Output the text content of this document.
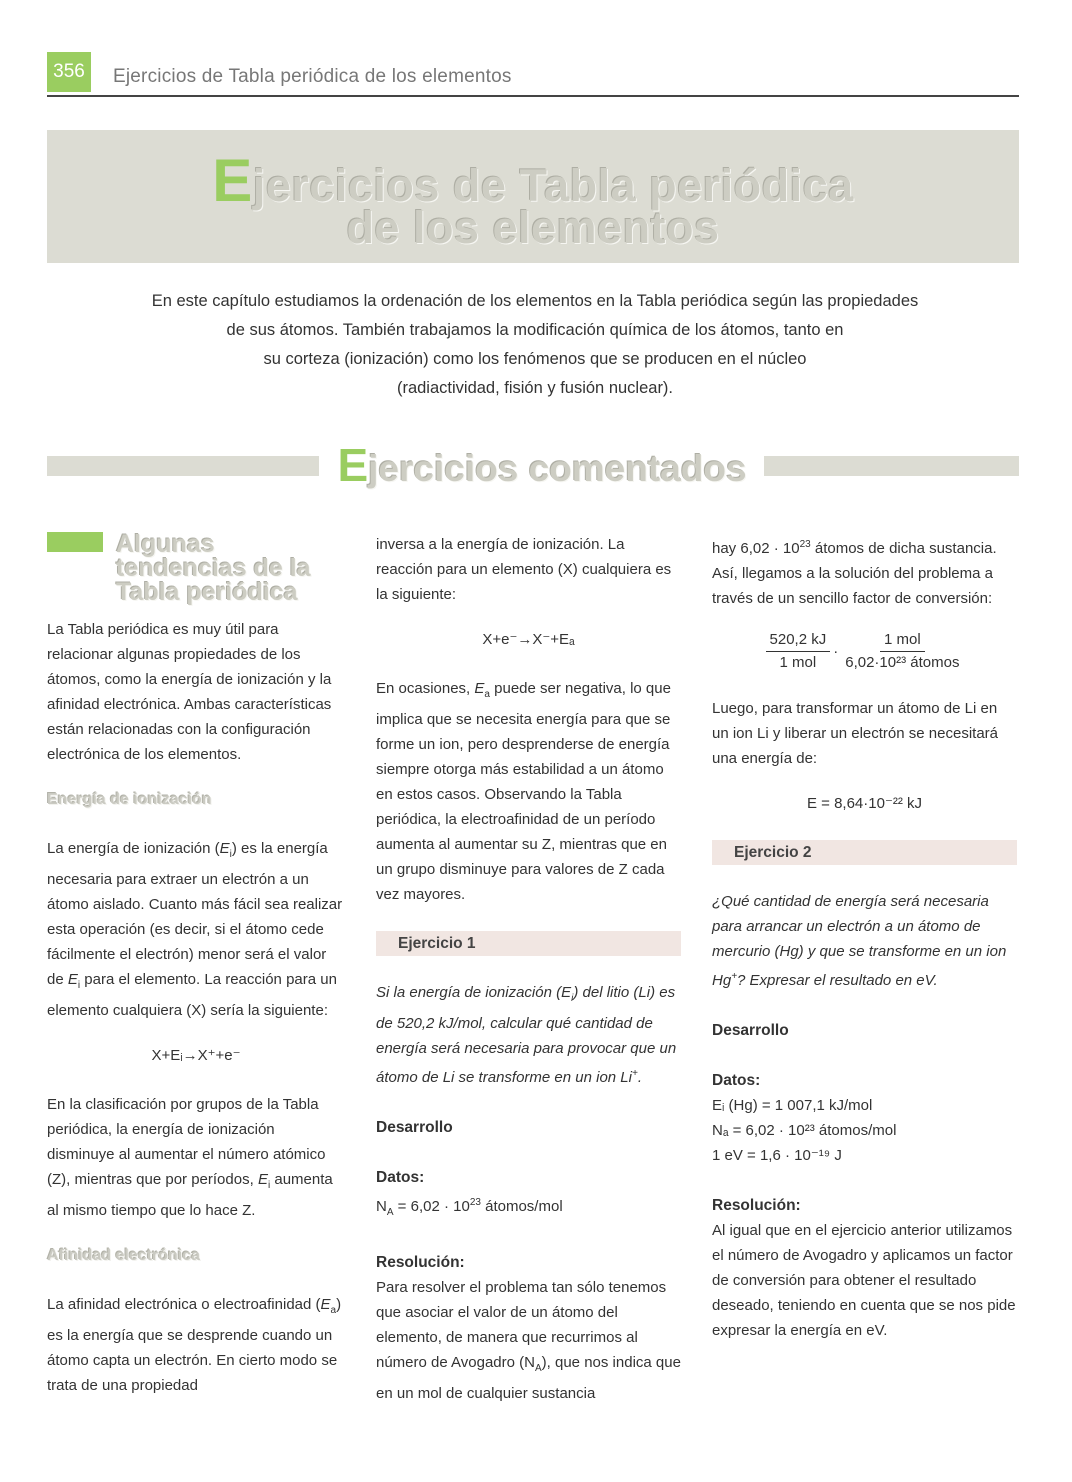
356	Ejercicios de Tabla periódica de los elementos
Ejercicios de Tabla periódica
de los elementos
En este capítulo estudiamos la ordenación de los elementos en la Tabla periódica según las propiedades
de sus átomos. También trabajamos la modificación química de los átomos, tanto en
su corteza (ionización) como los fenómenos que se producen en el núcleo
(radiactividad, fisión y fusión nuclear).
Ejercicios comentados
Algunas
tendencias de la
Tabla periódica

La Tabla periódica es muy útil para relacionar algunas propiedades de los átomos, como la energía de ionización y la afinidad electrónica. Ambas características están relacionadas con la configuración electrónica de los elementos.

Energía de ionización

La energía de ionización $(E_i)$ es la energía necesaria para extraer un electrón a un átomo aislado. Cuanto más fácil sea realizar esta operación (es decir, si el átomo cede fácilmente el electrón) menor será el valor de $E_i$ para el elemento. La reacción para un elemento cualquiera (X) sería la siguiente:

X+Eᵢ→X⁺+e⁻

En la clasificación por grupos de la Tabla periódica, la energía de ionización disminuye al aumentar el número atómico (Z), mientras que por períodos, $E_i$ aumenta al mismo tiempo que lo hace Z.

Afinidad electrónica

La afinidad electrónica o electroafinidad $(E_a)$ es la energía que se desprende cuando un átomo capta un electrón. En cierto modo se trata de una propiedad

inversa a la energía de ionización. La reacción para un elemento (X) cualquiera es la siguiente:

X+e⁻→X⁻+Eₐ

En ocasiones, $E_a$ puede ser negativa, lo que implica que se necesita energía para que se forme un ion, pero desprenderse de energía siempre otorga más estabilidad a un átomo en estos casos. Observando la Tabla periódica, la electroafinidad de un período aumenta al aumentar su Z, mientras que en un grupo disminuye para valores de Z cada vez mayores.

Ejercicio 1

Si la energía de ionización $(E_i)$ del litio (Li) es de 520,2 kJ/mol, calcular qué cantidad de energía será necesaria para provocar que un átomo de Li se transforme en un ion Li+.

Desarrollo

Datos:

$N_A = 6,02 \cdot 10^{23}$ átomos/mol

Resolución:

Para resolver el problema tan sólo tenemos que asociar el valor de un átomo del elemento, de manera que recurrimos al número de Avogadro $(N_A)$, que nos indica que en un mol de cualquier sustancia

hay $6,02 \cdot 10^{23}$ átomos de dicha sustancia. Así, llegamos a la solución del problema a través de un sencillo factor de conversión:

$\frac{520,2 kJ}{\text{1 mol}} \cdot \frac{\text{1 mol}}{\text{6,02·10²³ átomos}}$

Luego, para transformar un átomo de Li en un ion Li y liberar un electrón se necesitará una energía de:

E = 8,64·10⁻²² kJ
Ejercicio 2

¿Qué cantidad de energía será necesaria para arrancar un electrón a un átomo de mercurio (Hg) y que se transforme en un ion Hg+? Expresar el resultado en eV.

Desarrollo

Datos:

Eᵢ (Hg) = 1 007,1 kJ/mol

Nₐ = 6,02 · 10²³ átomos/mol

1 eV = 1,6 · 10⁻¹⁹ J

Resolución:

Al igual que en el ejercicio anterior utilizamos el número de Avogadro y aplicamos un factor de conversión para obtener el resultado deseado, teniendo en cuenta que se nos pide expresar la energía en eV.
